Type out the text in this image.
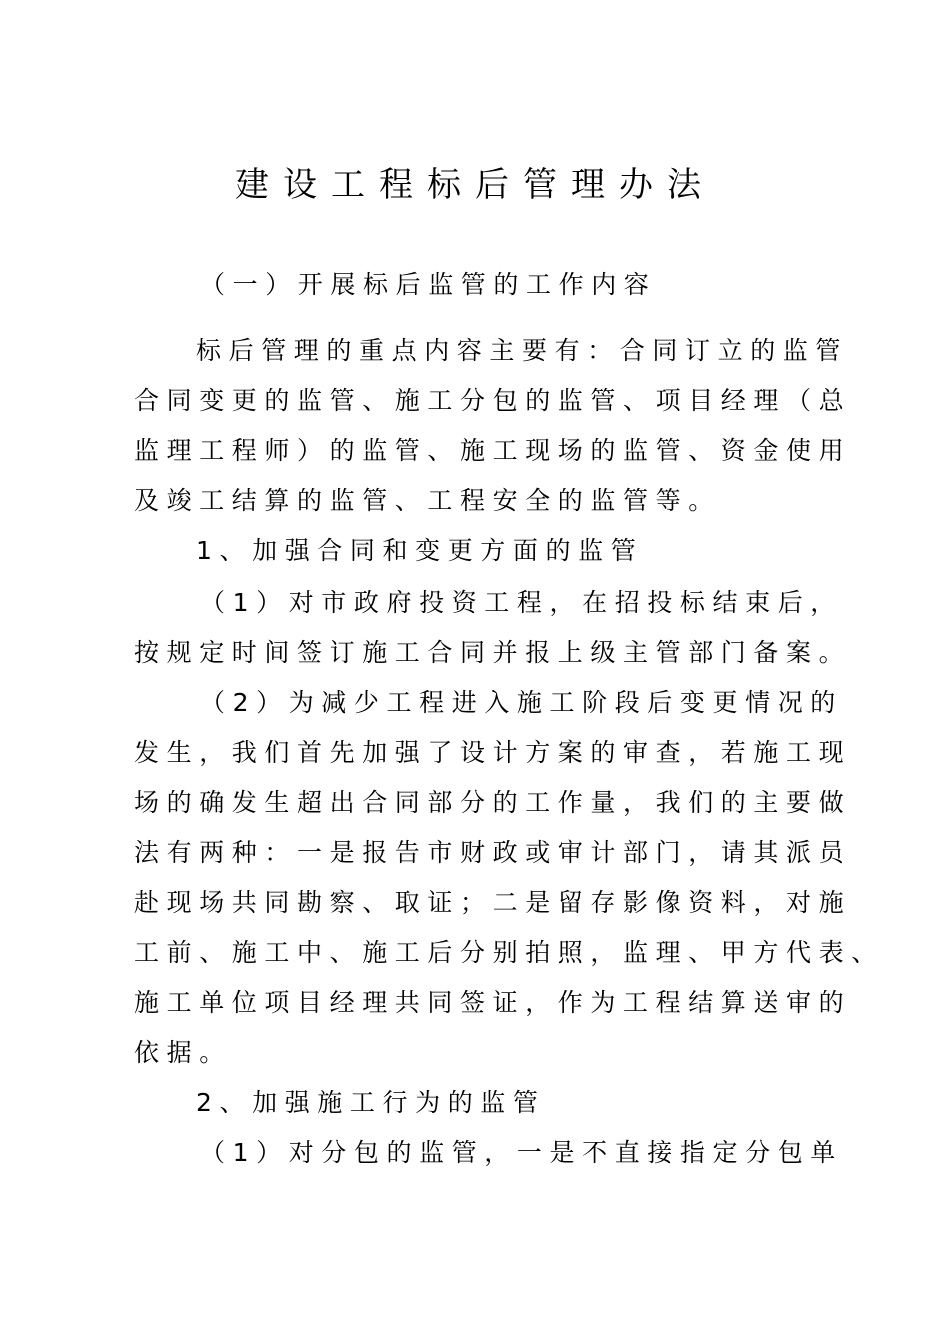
建设工程标后管理办法
（一）开展标后监管的工作内容
标后管理的重点内容主要有：合同订立的监管
合同变更的监管、施工分包的监管、项目经理（总
监理工程师）的监管、施工现场的监管、资金使用
及竣工结算的监管、工程安全的监管等。
1、加强合同和变更方面的监管
（1）对市政府投资工程，在招投标结束后，
按规定时间签订施工合同并报上级主管部门备案。
（2）为减少工程进入施工阶段后变更情况的
发生，我们首先加强了设计方案的审查，若施工现
场的确发生超出合同部分的工作量，我们的主要做
法有两种：一是报告市财政或审计部门，请其派员
赴现场共同勘察、取证；二是留存影像资料，对施
工前、施工中、施工后分别拍照，监理、甲方代表、
施工单位项目经理共同签证，作为工程结算送审的
依据。
2、加强施工行为的监管
（1）对分包的监管，一是不直接指定分包单
